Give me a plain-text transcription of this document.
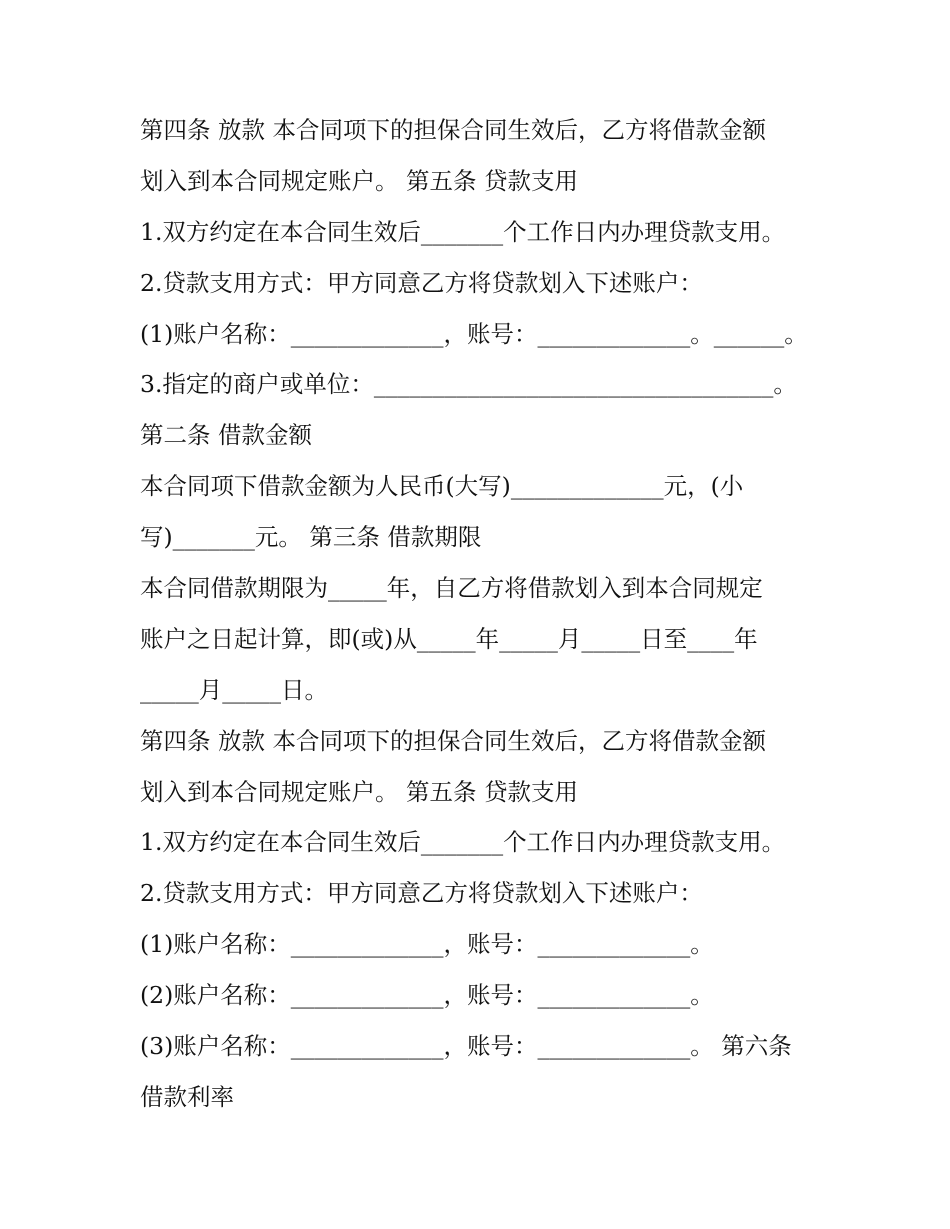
第四条 放款 本合同项下的担保合同生效后，乙方将借款金额
划入到本合同规定账户。 第五条 贷款支用
1.双方约定在本合同生效后_______个工作日内办理贷款支用。
2.贷款支用方式：甲方同意乙方将贷款划入下述账户：
(1)账户名称：_____________，账号：_____________。______。
3.指定的商户或单位：__________________________________。
第二条 借款金额
本合同项下借款金额为人民币(大写)_____________元，(小
写)_______元。 第三条 借款期限
本合同借款期限为_____年，自乙方将借款划入到本合同规定
账户之日起计算，即(或)从_____年_____月_____日至____年
_____月_____日。
第四条 放款 本合同项下的担保合同生效后，乙方将借款金额
划入到本合同规定账户。 第五条 贷款支用
1.双方约定在本合同生效后_______个工作日内办理贷款支用。
2.贷款支用方式：甲方同意乙方将贷款划入下述账户：
(1)账户名称：_____________，账号：_____________。
(2)账户名称：_____________，账号：_____________。
(3)账户名称：_____________，账号：_____________。 第六条
借款利率
